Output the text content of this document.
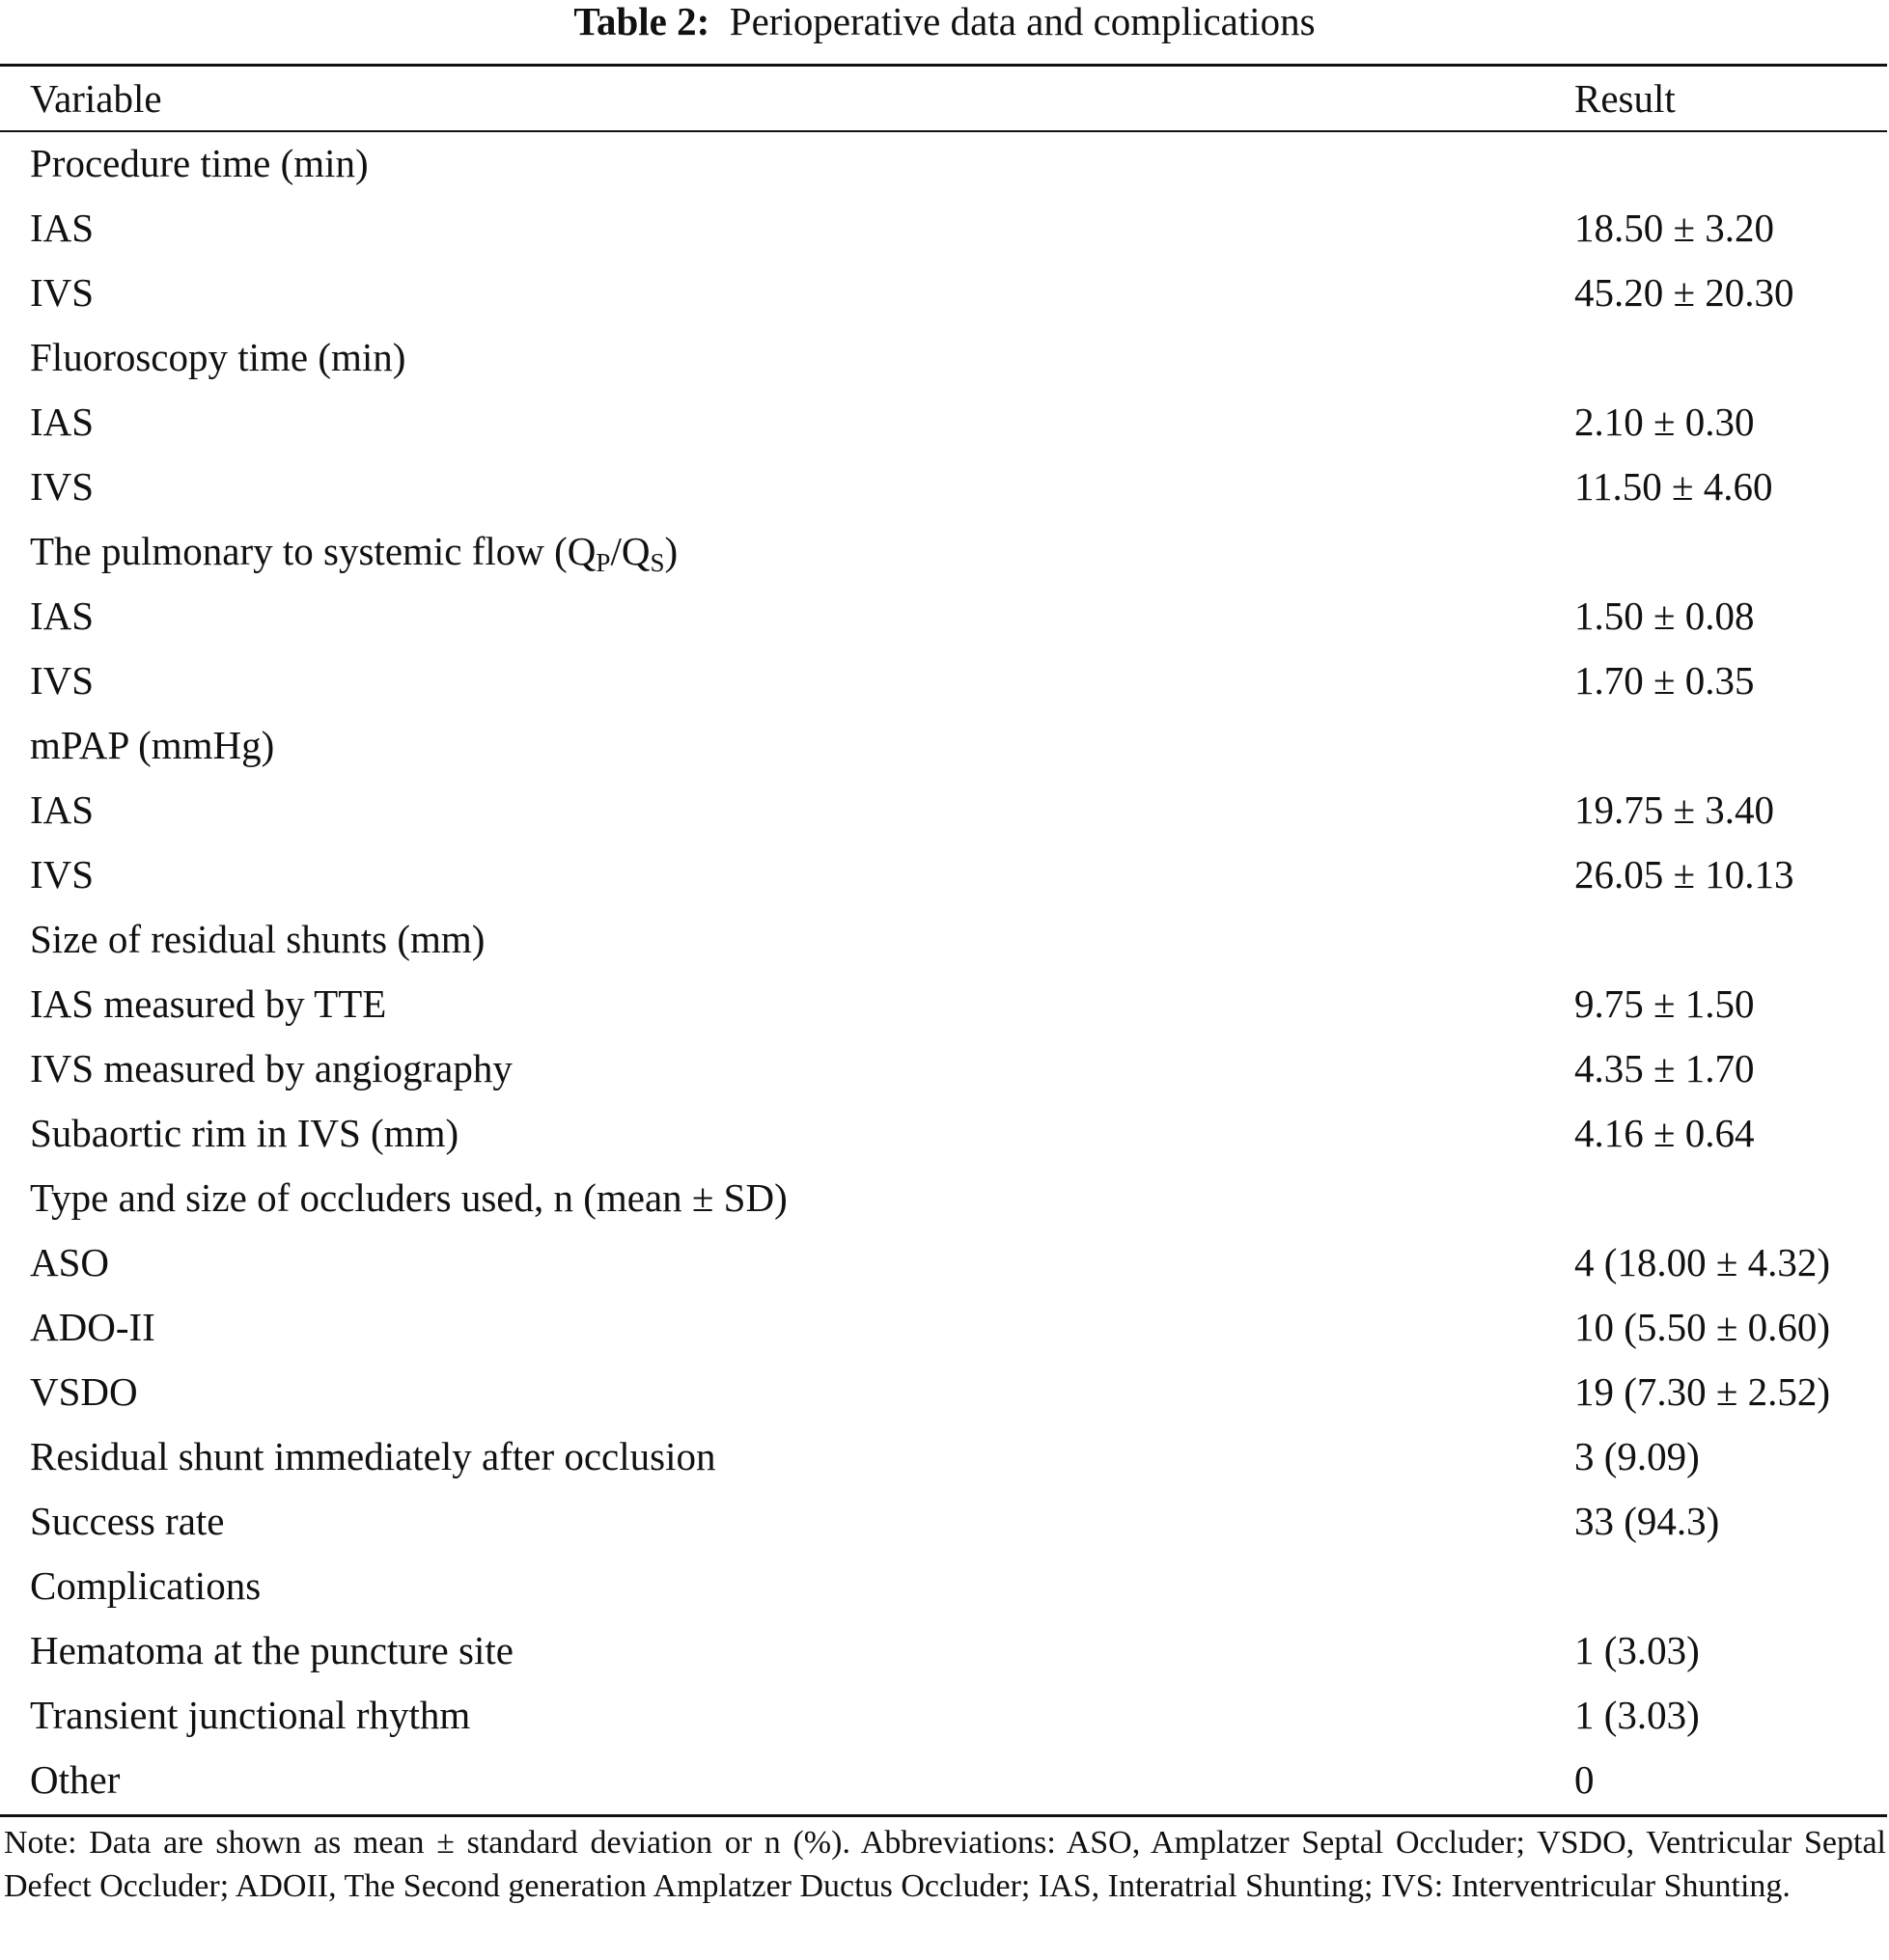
Table 2: Perioperative data and complications
Variable	Result
Procedure time (min)	
IAS	18.50 ± 3.20
IVS	45.20 ± 20.30
Fluoroscopy time (min)	
IAS	2.10 ± 0.30
IVS	11.50 ± 4.60
The pulmonary to systemic flow $(Q_P/Q_S)$	
IAS	1.50 ± 0.08
IVS	1.70 ± 0.35
mPAP (mmHg)	
IAS	19.75 ± 3.40
IVS	26.05 ± 10.13
Size of residual shunts (mm)	
IAS measured by TTE	9.75 ± 1.50
IVS measured by angiography	4.35 ± 1.70
Subaortic rim in IVS (mm)	4.16 ± 0.64
Type and size of occluders used, n (mean ± SD)	
ASO	4 (18.00 ± 4.32)
ADO-II	10 (5.50 ± 0.60)
VSDO	19 (7.30 ± 2.52)
Residual shunt immediately after occlusion	3 (9.09)
Success rate	33 (94.3)
Complications	
Hematoma at the puncture site	1 (3.03)
Transient junctional rhythm	1 (3.03)
Other	0
Note: Data are shown as mean ± standard deviation or n (%). Abbreviations: ASO, Amplatzer Septal Occluder; VSDO, Ventricular Septal Defect Occluder; ADOII, The Second generation Amplatzer Ductus Occluder; IAS, Interatrial Shunting; IVS: Interventricular Shunting.
